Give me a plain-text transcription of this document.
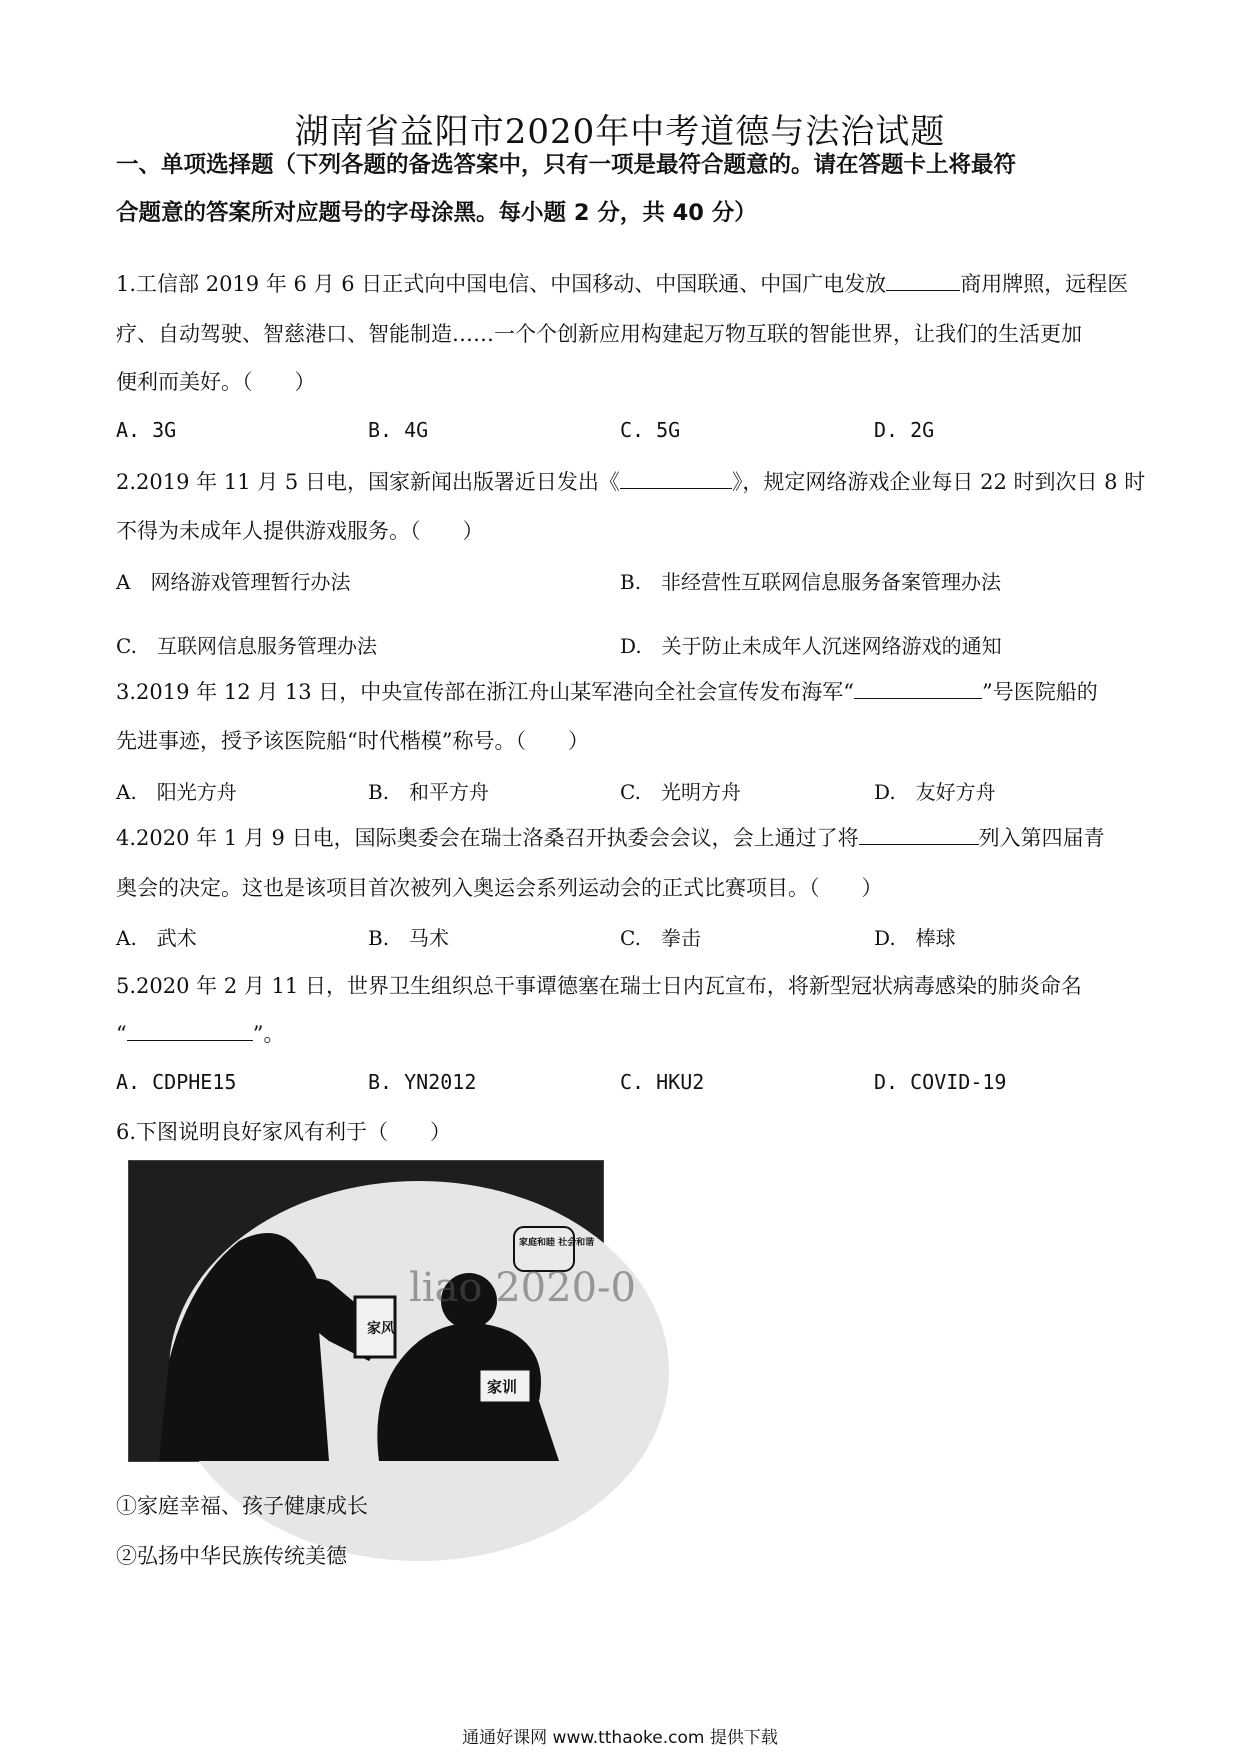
湖南省益阳市2020年中考道德与法治试题
一、单项选择题（下列各题的备选答案中，只有一项是最符合题意的。请在答题卡上将最符
合题意的答案所对应题号的字母涂黑。每小题 2 分，共 40 分）
1.工信部 2019 年 6 月 6 日正式向中国电信、中国移动、中国联通、中国广电发放	商用牌照，远程医
疗、自动驾驶、智慈港口、智能制造……一个个创新应用构建起万物互联的智能世界，让我们的生活更加
便利而美好。（　　）
A. 3G	B. 4G	C. 5G	D. 2G
2.2019 年 11 月 5 日电，国家新闻出版署近日发出《	》，规定网络游戏企业每日 22 时到次日 8 时
不得为未成年人提供游戏服务。（　　）
A　网络游戏管理暂行办法	B.　非经营性互联网信息服务备案管理办法
C.　互联网信息服务管理办法	D.　关于防止未成年人沉迷网络游戏的通知
3.2019 年 12 月 13 日，中央宣传部在浙江舟山某军港向全社会宣传发布海军“	”号医院船的
先进事迹，授予该医院船“时代楷模”称号。（　　）
A.　阳光方舟	B.　和平方舟	C.　光明方舟	D.　友好方舟
4.2020 年 1 月 9 日电，国际奥委会在瑞士洛桑召开执委会会议，会上通过了将	列入第四届青
奥会的决定。这也是该项目首次被列入奥运会系列运动会的正式比赛项目。（　　）
A.　武术	B.　马术	C.　拳击	D.　棒球
5.2020 年 2 月 11 日，世界卫生组织总干事谭德塞在瑞士日内瓦宣布，将新型冠状病毒感染的肺炎命名
“	”。
A. CDPHE15	B. YN2012	C. HKU2	D. COVID-19
6.下图说明良好家风有利于（　　）
家风
家训
家庭和睦 社会和谐
liao 2020-0
①家庭幸福、孩子健康成长
②弘扬中华民族传统美德
通通好课网 www.tthaoke.com 提供下载
